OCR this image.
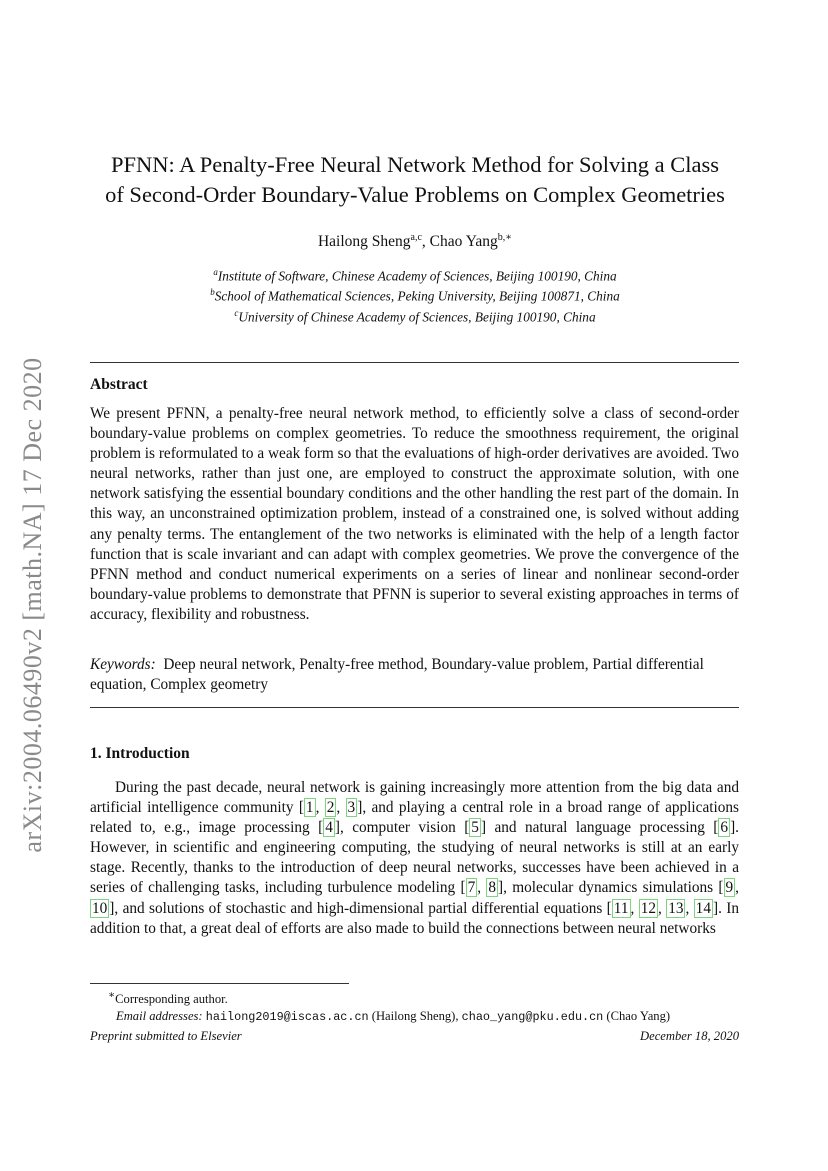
arXiv:2004.06490v2 [math.NA] 17 Dec 2020
PFNN: A Penalty-Free Neural Network Method for Solving a Class
of Second-Order Boundary-Value Problems on Complex Geometries
Hailong Sheng$^{a,c}$, Chao Yang$^{b,∗}$
$^a$Institute of Software, Chinese Academy of Sciences, Beijing 100190, China
$^b$School of Mathematical Sciences, Peking University, Beijing 100871, China
$^c$University of Chinese Academy of Sciences, Beijing 100190, China
Abstract
We present PFNN, a penalty-free neural network method, to efficiently solve a class of second-order boundary-value problems on complex geometries. To reduce the smoothness requirement, the original problem is reformulated to a weak form so that the evaluations of high-order derivatives are avoided. Two neural networks, rather than just one, are employed to construct the approximate solution, with one network satisfying the essential boundary conditions and the other handling the rest part of the domain. In this way, an unconstrained optimization problem, instead of a constrained one, is solved without adding any penalty terms. The entanglement of the two networks is eliminated with the help of a length factor function that is scale invariant and can adapt with complex geometries. We prove the convergence of the PFNN method and conduct numerical experiments on a series of linear and nonlinear second-order boundary-value problems to demonstrate that PFNN is superior to several existing approaches in terms of accuracy, flexibility and robustness.
Keywords: Deep neural network, Penalty-free method, Boundary-value problem, Partial differential equation, Complex geometry
1. Introduction
During the past decade, neural network is gaining increasingly more attention from the big data and artificial intelligence community [ 1 , 2 , 3 ], and playing a central role in a broad range of applications related to, e.g., image processing [ 4 ], computer vision [ 5 ] and natural language processing [ 6 ]. However, in scientific and engineering computing, the studying of neural networks is still at an early stage. Recently, thanks to the introduction of deep neural networks, successes have been achieved in a series of challenging tasks, including turbulence modeling [ 7 , 8 ], molecular dynamics simulations [ 9 , 10 ], and solutions of stochastic and high-dimensional partial differential equations [ 11 , 12 , 13 , 14 ]. In addition to that, a great deal of efforts are also made to build the connections between neural networks
∗Corresponding author.
Email addresses: hailong2019@iscas.ac.cn (Hailong Sheng), chao_yang@pku.edu.cn (Chao Yang)
Preprint submitted to Elsevier	December 18, 2020
